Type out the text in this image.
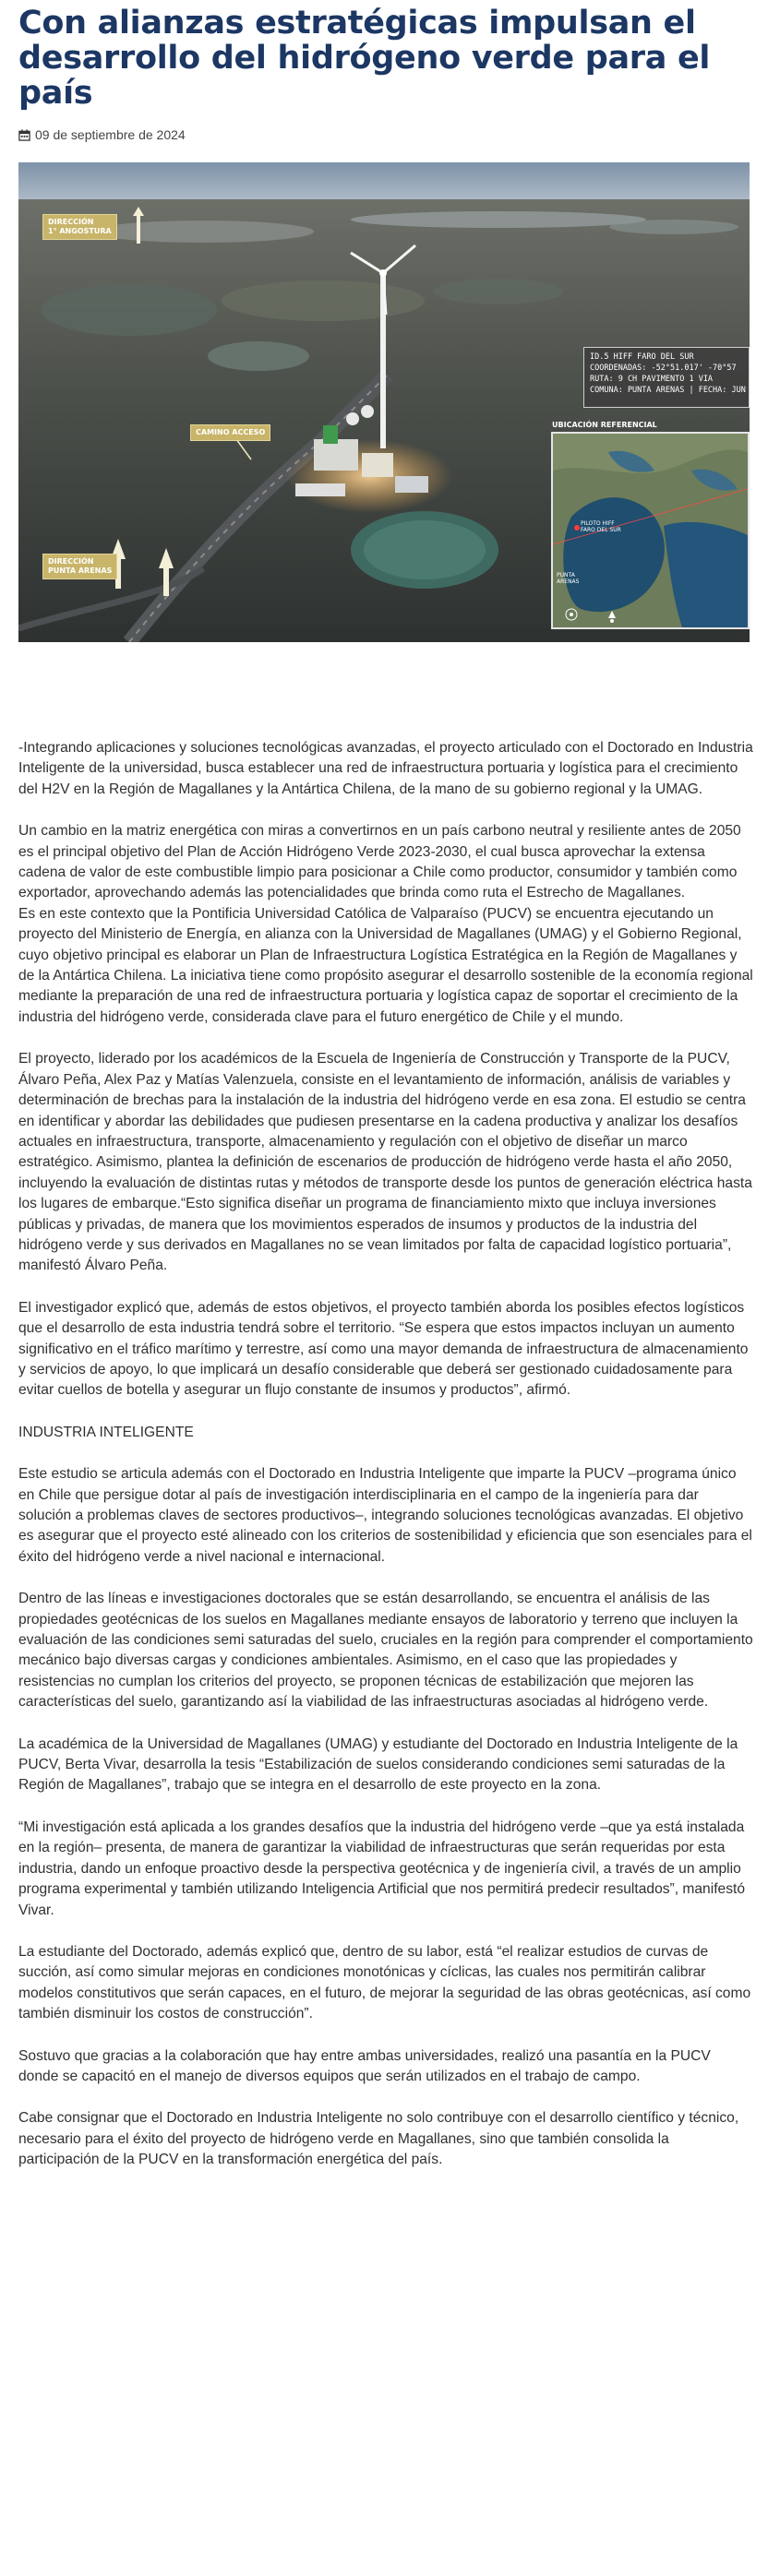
Con alianzas estratégicas impulsan el desarrollo del hidrógeno verde para el país
09 de septiembre de 2024
DIRECCIÓN
1° ANGOSTURA
CAMINO ACCESO
DIRECCIÓN
PUNTA ARENAS
ID.5 HIFF FARO DEL SUR
COORDENADAS: -52°51.017' -70°57
RUTA: 9 CH PAVIMENTO 1 VIA
COMUNA: PUNTA ARENAS | FECHA: JUN
UBICACIÓN REFERENCIAL
PILOTO HIFF
FARO DEL SUR
PUNTA
ARENAS

-Integrando aplicaciones y soluciones tecnológicas avanzadas, el proyecto articulado con el Doctorado en Industria Inteligente de la universidad, busca establecer una red de infraestructura portuaria y logística para el crecimiento del H2V en la Región de Magallanes y la Antártica Chilena, de la mano de su gobierno regional y la UMAG.

Un cambio en la matriz energética con miras a convertirnos en un país carbono neutral y resiliente antes de 2050 es el principal objetivo del Plan de Acción Hidrógeno Verde 2023-2030, el cual busca aprovechar la extensa cadena de valor de este combustible limpio para posicionar a Chile como productor, consumidor y también como exportador, aprovechando además las potencialidades que brinda como ruta el Estrecho de Magallanes.

Es en este contexto que la Pontificia Universidad Católica de Valparaíso (PUCV) se encuentra ejecutando un proyecto del Ministerio de Energía, en alianza con la Universidad de Magallanes (UMAG) y el Gobierno Regional, cuyo objetivo principal es elaborar un Plan de Infraestructura Logística Estratégica en la Región de Magallanes y de la Antártica Chilena. La iniciativa tiene como propósito asegurar el desarrollo sostenible de la economía regional mediante la preparación de una red de infraestructura portuaria y logística capaz de soportar el crecimiento de la industria del hidrógeno verde, considerada clave para el futuro energético de Chile y el mundo.

El proyecto, liderado por los académicos de la Escuela de Ingeniería de Construcción y Transporte de la PUCV, Álvaro Peña, Alex Paz y Matías Valenzuela, consiste en el levantamiento de información, análisis de variables y determinación de brechas para la instalación de la industria del hidrógeno verde en esa zona. El estudio se centra en identificar y abordar las debilidades que pudiesen presentarse en la cadena productiva y analizar los desafíos actuales en infraestructura, transporte, almacenamiento y regulación con el objetivo de diseñar un marco estratégico. Asimismo, plantea la definición de escenarios de producción de hidrógeno verde hasta el año 2050, incluyendo la evaluación de distintas rutas y métodos de transporte desde los puntos de generación eléctrica hasta los lugares de embarque.“Esto significa diseñar un programa de financiamiento mixto que incluya inversiones públicas y privadas, de manera que los movimientos esperados de insumos y productos de la industria del hidrógeno verde y sus derivados en Magallanes no se vean limitados por falta de capacidad logístico portuaria”, manifestó Álvaro Peña.

El investigador explicó que, además de estos objetivos, el proyecto también aborda los posibles efectos logísticos que el desarrollo de esta industria tendrá sobre el territorio. “Se espera que estos impactos incluyan un aumento significativo en el tráfico marítimo y terrestre, así como una mayor demanda de infraestructura de almacenamiento y servicios de apoyo, lo que implicará un desafío considerable que deberá ser gestionado cuidadosamente para evitar cuellos de botella y asegurar un flujo constante de insumos y productos”, afirmó.

INDUSTRIA INTELIGENTE

Este estudio se articula además con el Doctorado en Industria Inteligente que imparte la PUCV –programa único en Chile que persigue dotar al país de investigación interdisciplinaria en el campo de la ingeniería para dar solución a problemas claves de sectores productivos–, integrando soluciones tecnológicas avanzadas. El objetivo es asegurar que el proyecto esté alineado con los criterios de sostenibilidad y eficiencia que son esenciales para el éxito del hidrógeno verde a nivel nacional e internacional.

Dentro de las líneas e investigaciones doctorales que se están desarrollando, se encuentra el análisis de las propiedades geotécnicas de los suelos en Magallanes mediante ensayos de laboratorio y terreno que incluyen la evaluación de las condiciones semi saturadas del suelo, cruciales en la región para comprender el comportamiento mecánico bajo diversas cargas y condiciones ambientales. Asimismo, en el caso que las propiedades y resistencias no cumplan los criterios del proyecto, se proponen técnicas de estabilización que mejoren las características del suelo, garantizando así la viabilidad de las infraestructuras asociadas al hidrógeno verde.

La académica de la Universidad de Magallanes (UMAG) y estudiante del Doctorado en Industria Inteligente de la PUCV, Berta Vivar, desarrolla la tesis “Estabilización de suelos considerando condiciones semi saturadas de la Región de Magallanes”, trabajo que se integra en el desarrollo de este proyecto en la zona.

“Mi investigación está aplicada a los grandes desafíos que la industria del hidrógeno verde –que ya está instalada en la región– presenta, de manera de garantizar la viabilidad de infraestructuras que serán requeridas por esta industria, dando un enfoque proactivo desde la perspectiva geotécnica y de ingeniería civil, a través de un amplio programa experimental y también utilizando Inteligencia Artificial que nos permitirá predecir resultados”, manifestó Vivar.

La estudiante del Doctorado, además explicó que, dentro de su labor, está “el realizar estudios de curvas de succión, así como simular mejoras en condiciones monotónicas y cíclicas, las cuales nos permitirán calibrar modelos constitutivos que serán capaces, en el futuro, de mejorar la seguridad de las obras geotécnicas, así como también disminuir los costos de construcción”.

Sostuvo que gracias a la colaboración que hay entre ambas universidades, realizó una pasantía en la PUCV donde se capacitó en el manejo de diversos equipos que serán utilizados en el trabajo de campo.

Cabe consignar que el Doctorado en Industria Inteligente no solo contribuye con el desarrollo científico y técnico, necesario para el éxito del proyecto de hidrógeno verde en Magallanes, sino que también consolida la participación de la PUCV en la transformación energética del país.
